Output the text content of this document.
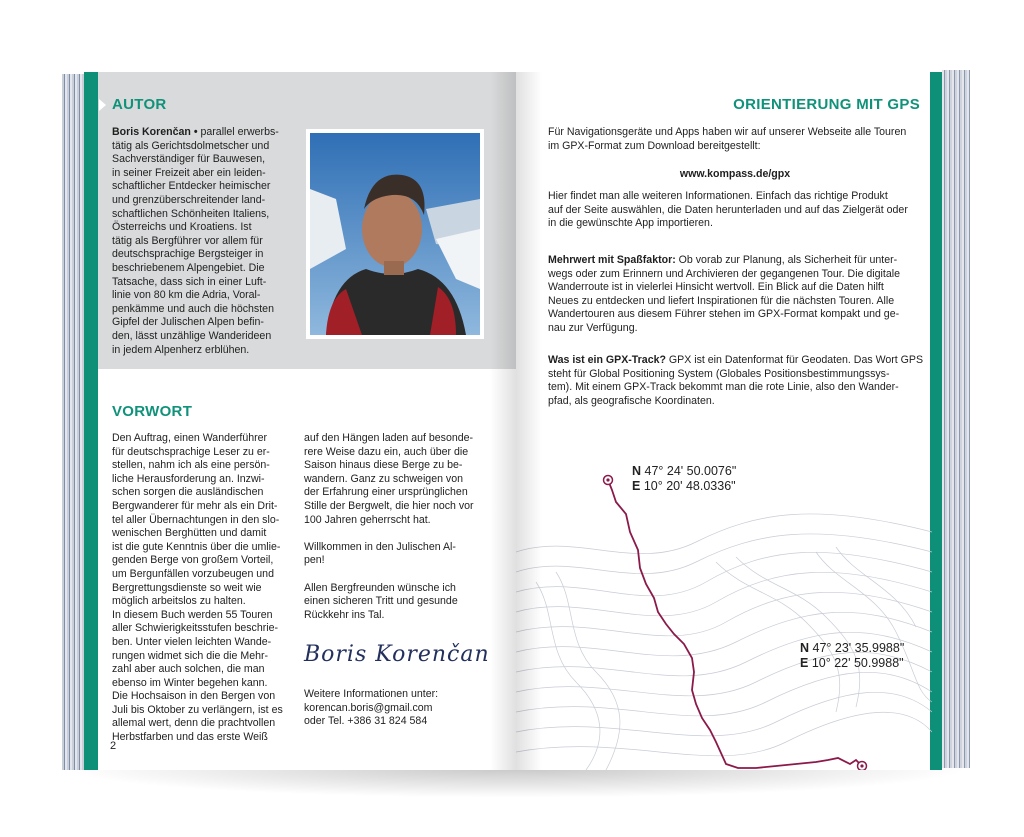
AUTOR
Boris Korenčan • parallel erwerbs-
tätig als Gerichtsdolmetscher und
Sachverständiger für Bauwesen,
in seiner Freizeit aber ein leiden-
schaftlicher Entdecker heimischer
und grenzüberschreitender land-
schaftlichen Schönheiten Italiens,
Österreichs und Kroatiens. Ist
tätig als Bergführer vor allem für
deutschsprachige Bergsteiger in
beschriebenem Alpengebiet. Die
Tatsache, dass sich in einer Luft-
linie von 80 km die Adria, Voral-
penkämme und auch die höchsten
Gipfel der Julischen Alpen befin-
den, lässt unzählige Wanderideen
in jedem Alpenherz erblühen.
VORWORT
Den Auftrag, einen Wanderführer
für deutschsprachige Leser zu er-
stellen, nahm ich als eine persön-
liche Herausforderung an. Inzwi-
schen sorgen die ausländischen
Bergwanderer für mehr als ein Drit-
tel aller Übernachtungen in den slo-
wenischen Berghütten und damit
ist die gute Kenntnis über die umlie-
genden Berge von großem Vorteil,
um Bergunfällen vorzubeugen und
Bergrettungsdienste so weit wie
möglich arbeitslos zu halten.
In diesem Buch werden 55 Touren
aller Schwierigkeitsstufen beschrie-
ben. Unter vielen leichten Wande-
rungen widmet sich die die Mehr-
zahl aber auch solchen, die man
ebenso im Winter begehen kann.
Die Hochsaison in den Bergen von
Juli bis Oktober zu verlängern, ist es
allemal wert, denn die prachtvollen
Herbstfarben und das erste Weiß
auf den Hängen laden auf besonde-
rere Weise dazu ein, auch über die
Saison hinaus diese Berge zu be-
wandern. Ganz zu schweigen von
der Erfahrung einer ursprünglichen
Stille der Bergwelt, die hier noch vor
100 Jahren geherrscht hat.
Willkommen in den Julischen Al-
pen!
Allen Bergfreunden wünsche ich
einen sicheren Tritt und gesunde
Rückkehr ins Tal.
Boris Korenčan
Weitere Informationen unter:
korencan.boris@gmail.com
oder Tel. +386 31 824 584
2
ORIENTIERUNG MIT GPS
Für Navigationsgeräte und Apps haben wir auf unserer Webseite alle Touren
im GPX-Format zum Download bereitgestellt:
www.kompass.de/gpx
Hier findet man alle weiteren Informationen. Einfach das richtige Produkt
auf der Seite auswählen, die Daten herunterladen und auf das Zielgerät oder
in die gewünschte App importieren.
Mehrwert mit Spaßfaktor: Ob vorab zur Planung, als Sicherheit für unter-
wegs oder zum Erinnern und Archivieren der gegangenen Tour. Die digitale
Wanderroute ist in vielerlei Hinsicht wertvoll. Ein Blick auf die Daten hilft
Neues zu entdecken und liefert Inspirationen für die nächsten Touren. Alle
Wandertouren aus diesem Führer stehen im GPX-Format kompakt und ge-
nau zur Verfügung.
Was ist ein GPX-Track? GPX ist ein Datenformat für Geodaten. Das Wort GPS
steht für Global Positioning System (Globales Positionsbestimmungssys-
tem). Mit einem GPX-Track bekommt man die rote Linie, also den Wander-
pfad, als geografische Koordinaten.
N 47° 24' 50.0076"
E 10° 20' 48.0336"
N 47° 23' 35.9988"
E 10° 22' 50.9988"
